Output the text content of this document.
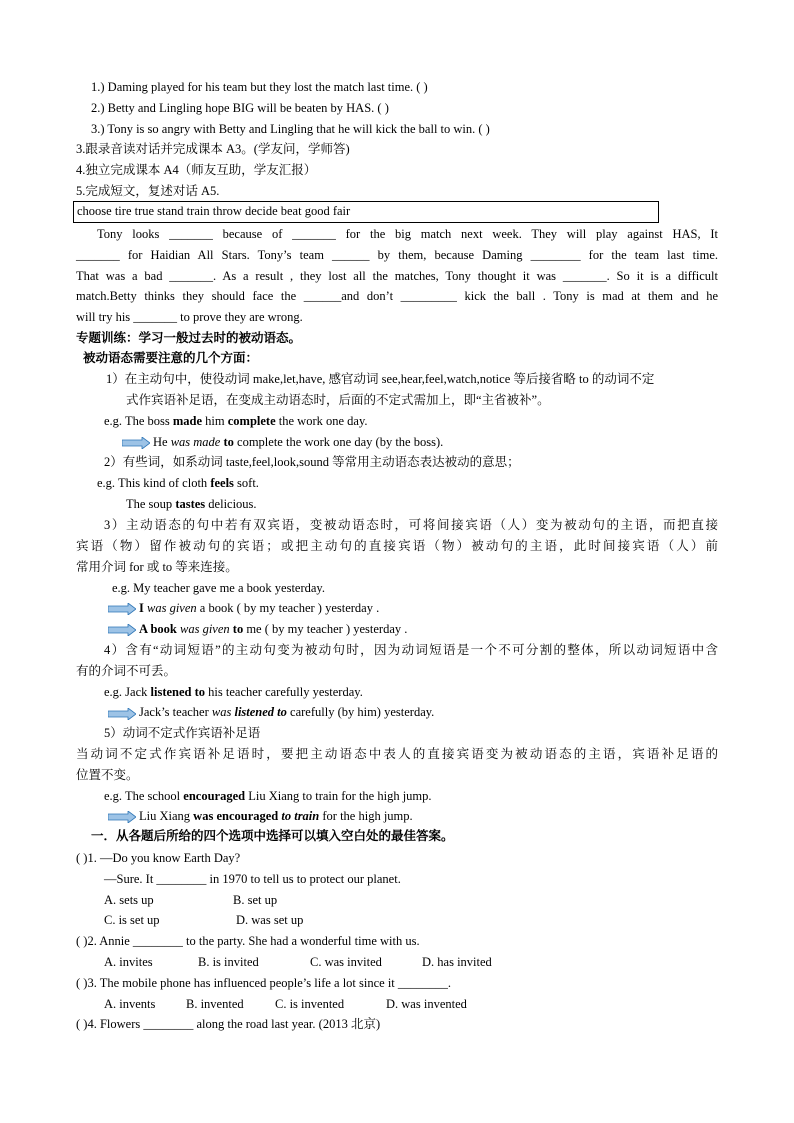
1.) Daming played for his team but they lost the match last time. ( )
2.) Betty and Lingling hope BIG will be beaten by HAS. ( )
3.) Tony is so angry with Betty and Lingling that he will kick the ball to win. ( )
3.跟录音读对话并完成课本 A3。(学友问，学师答)
4.独立完成课本 A4（师友互助，学友汇报）
5.完成短文，复述对话 A5.
choose tire true stand train throw decide beat good fair
Tony looks _______ because of _______ for the big match next week. They will play against HAS, It
_______ for Haidian All Stars. Tony’s team ______ by them, because Daming ________ for the team last time.
That was a bad _______. As a result , they lost all the matches, Tony thought it was _______. So it is a difficult
match.Betty thinks they should face the ______and don’t _________ kick the ball . Tony is mad at them and he
will try his _______ to prove they are wrong.
专题训练：学习一般过去时的被动语态。
被动语态需要注意的几个方面：
1）在主动句中，使役动词 make,let,have, 感官动词 see,hear,feel,watch,notice 等后接省略 to 的动词不定
式作宾语补足语，在变成主动语态时，后面的不定式需加上，即“主省被补”。
e.g. The boss made him complete the work one day.
He was made to complete the work one day (by the boss).
2）有些词，如系动词 taste,feel,look,sound 等常用主动语态表达被动的意思；
e.g. This kind of cloth feels soft.
The soup tastes delicious.
3）主动语态的句中若有双宾语，变被动语态时，可将间接宾语（人）变为被动句的主语，而把直接
宾语（物）留作被动句的宾语；或把主动句的直接宾语（物）被动句的主语，此时间接宾语（人）前
常用介词 for 或 to 等来连接。
e.g. My teacher gave me a book yesterday.
I was given a book ( by my teacher ) yesterday .
A book was given to me ( by my teacher ) yesterday .
4）含有“动词短语”的主动句变为被动句时，因为动词短语是一个不可分割的整体，所以动词短语中含
有的介词不可丢。
e.g. Jack listened to his teacher carefully yesterday.
Jack’s teacher was listened to carefully (by him) yesterday.
5）动词不定式作宾语补足语
当动词不定式作宾语补足语时，要把主动语态中表人的直接宾语变为被动语态的主语，宾语补足语的
位置不变。
e.g. The school encouraged Liu Xiang to train for the high jump.
Liu Xiang was encouraged to train for the high jump.
一．从各题后所给的四个选项中选择可以填入空白处的最佳答案。
( )1. —Do you know Earth Day?
—Sure. It ________ in 1970 to tell us to protect our planet.
A. sets up	B. set up
C. is set up	D. was set up
( )2. Annie ________ to the party. She had a wonderful time with us.
A. invites	B. is invited	C. was invited	D. has invited
( )3. The mobile phone has influenced people’s life a lot since it ________.
A. invents B. invented	C. is invented	D. was invented
( )4. Flowers ________ along the road last year. (2013 北京)
